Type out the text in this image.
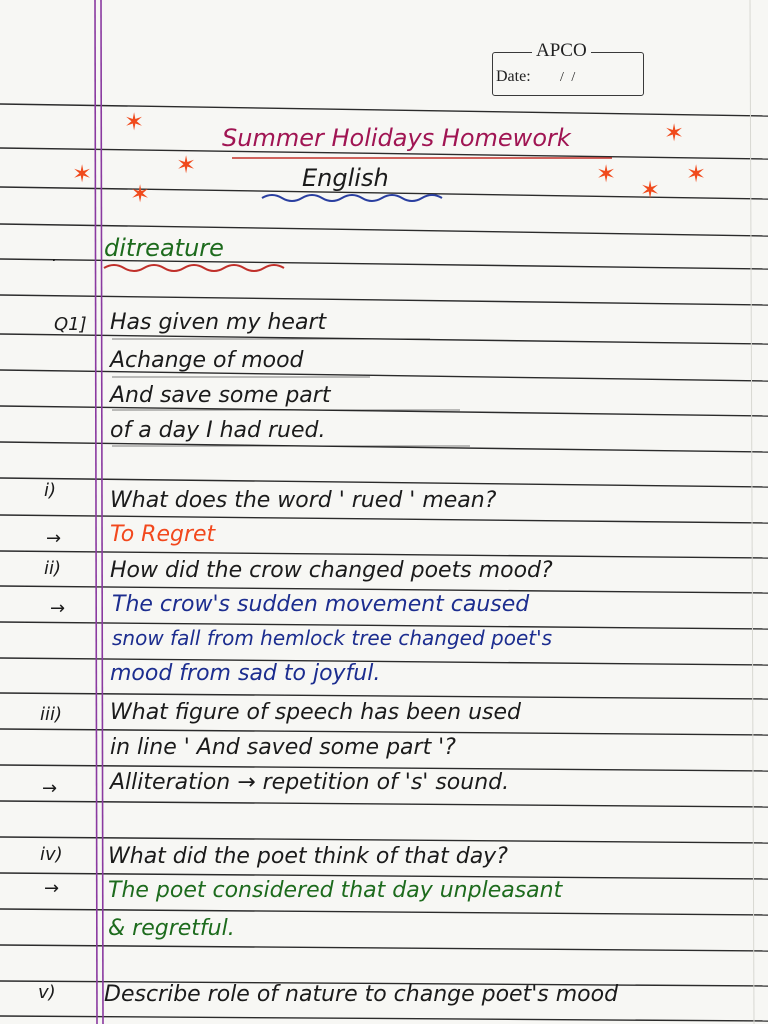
APCO
Date: / /
✶
✶	✶
✶
✶
✶	✶
✶
Summer Holidays Homework
English
. ditreature
Q1] Has given my heart
Achange of mood
And save some part
of a day I had rued.
i) What does the word ' rued ' mean?
→ To Regret
ii) How did the crow changed poets mood?
→ The crow's sudden movement caused
snow fall from hemlock tree changed poet's
mood from sad to joyful.
iii) What figure of speech has been used
in line ' And saved some part '?
→ Alliteration → repetition of 's' sound.
iv) What did the poet think of that day?
→ The poet considered that day unpleasant
& regretful.
v) Describe role of nature to change poet's mood
